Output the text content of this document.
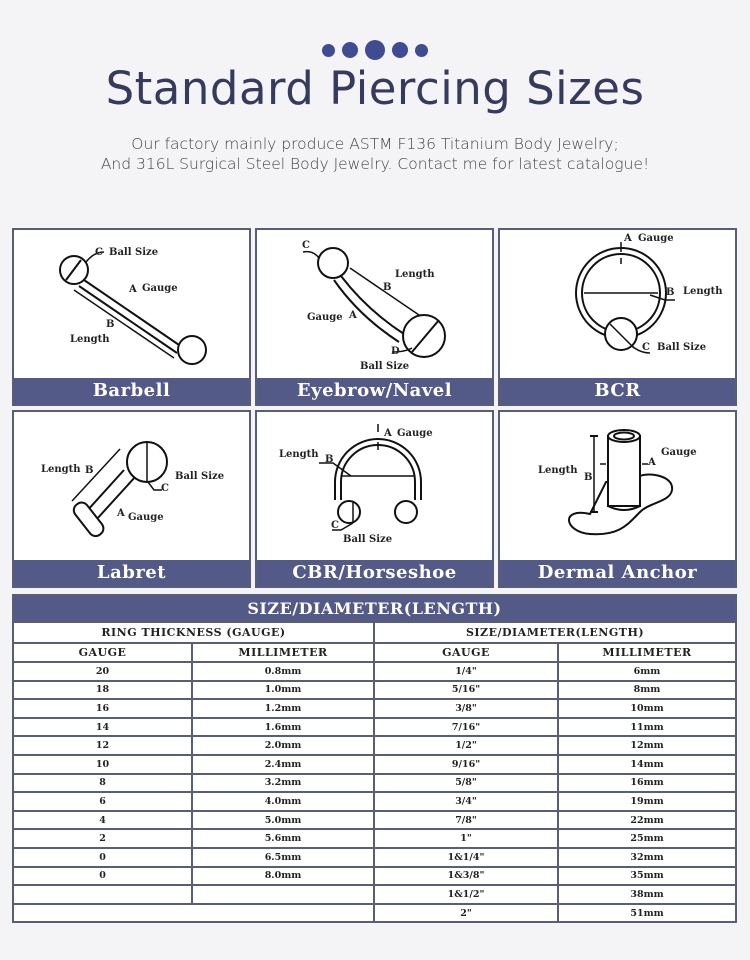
Standard Piercing Sizes
Our factory mainly produce ASTM F136 Titanium Body Jewelry;
And 316L Surgical Steel Body Jewelry. Contact me for latest catalogue!
C Ball Size
A Gauge
B
Length
Barbell
C
Length
B
Gauge A
D
Ball Size
Eyebrow/Navel
A Gauge
B Length
C Ball Size
BCR
Length B
Ball Size
C
A Gauge
Labret
A Gauge
Length B
C
Ball Size
CBR/Horseshoe
Length
B
A
Gauge
Dermal Anchor
SIZE/DIAMETER(LENGTH)
RING THICKNESS (GAUGE)		SIZE/DIAMETER(LENGTH)	
GAUGE	MILLIMETER	GAUGE	MILLIMETER
20	0.8mm	1/4"	6mm
18	1.0mm	5/16"	8mm
16	1.2mm	3/8"	10mm
14	1.6mm	7/16"	11mm
12	2.0mm	1/2"	12mm
10	2.4mm	9/16"	14mm
8	3.2mm	5/8"	16mm
6	4.0mm	3/4"	19mm
4	5.0mm	7/8"	22mm
2	5.6mm	1"	25mm
0	6.5mm	1&1/4"	32mm
0	8.0mm	1&3/8"	35mm
		1&1/2"	38mm
		2"	51mm
